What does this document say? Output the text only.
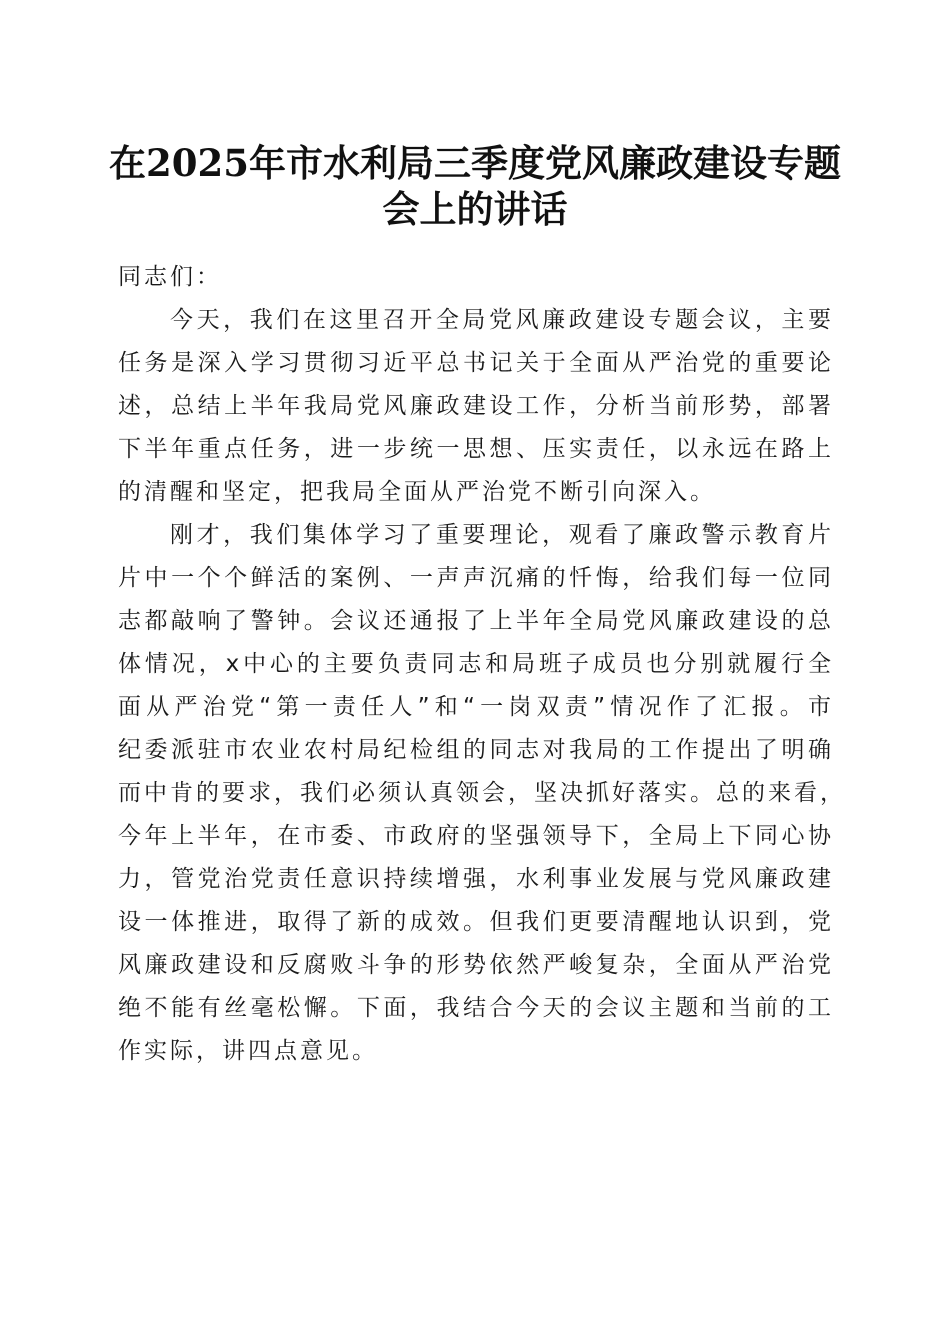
在2025年市水利局三季度党风廉政建设专题
会上的讲话

同志们：

今天，我们在这里召开全局党风廉政建设专题会议，主要
任务是深入学习贯彻习近平总书记关于全面从严治党的重要论
述，总结上半年我局党风廉政建设工作，分析当前形势，部署
下半年重点任务，进一步统一思想、压实责任，以永远在路上
的清醒和坚定，把我局全面从严治党不断引向深入。

刚才，我们集体学习了重要理论，观看了廉政警示教育片
片中一个个鲜活的案例、一声声沉痛的忏悔，给我们每一位同
志都敲响了警钟。会议还通报了上半年全局党风廉政建设的总
体情况，x中心的主要负责同志和局班子成员也分别就履行全
面从严治党“第一责任人”和“一岗双责”情况作了汇报。市
纪委派驻市农业农村局纪检组的同志对我局的工作提出了明确
而中肯的要求，我们必须认真领会，坚决抓好落实。总的来看，
今年上半年，在市委、市政府的坚强领导下，全局上下同心协
力，管党治党责任意识持续增强，水利事业发展与党风廉政建
设一体推进，取得了新的成效。但我们更要清醒地认识到，党
风廉政建设和反腐败斗争的形势依然严峻复杂，全面从严治党
绝不能有丝毫松懈。下面，我结合今天的会议主题和当前的工
作实际，讲四点意见。
